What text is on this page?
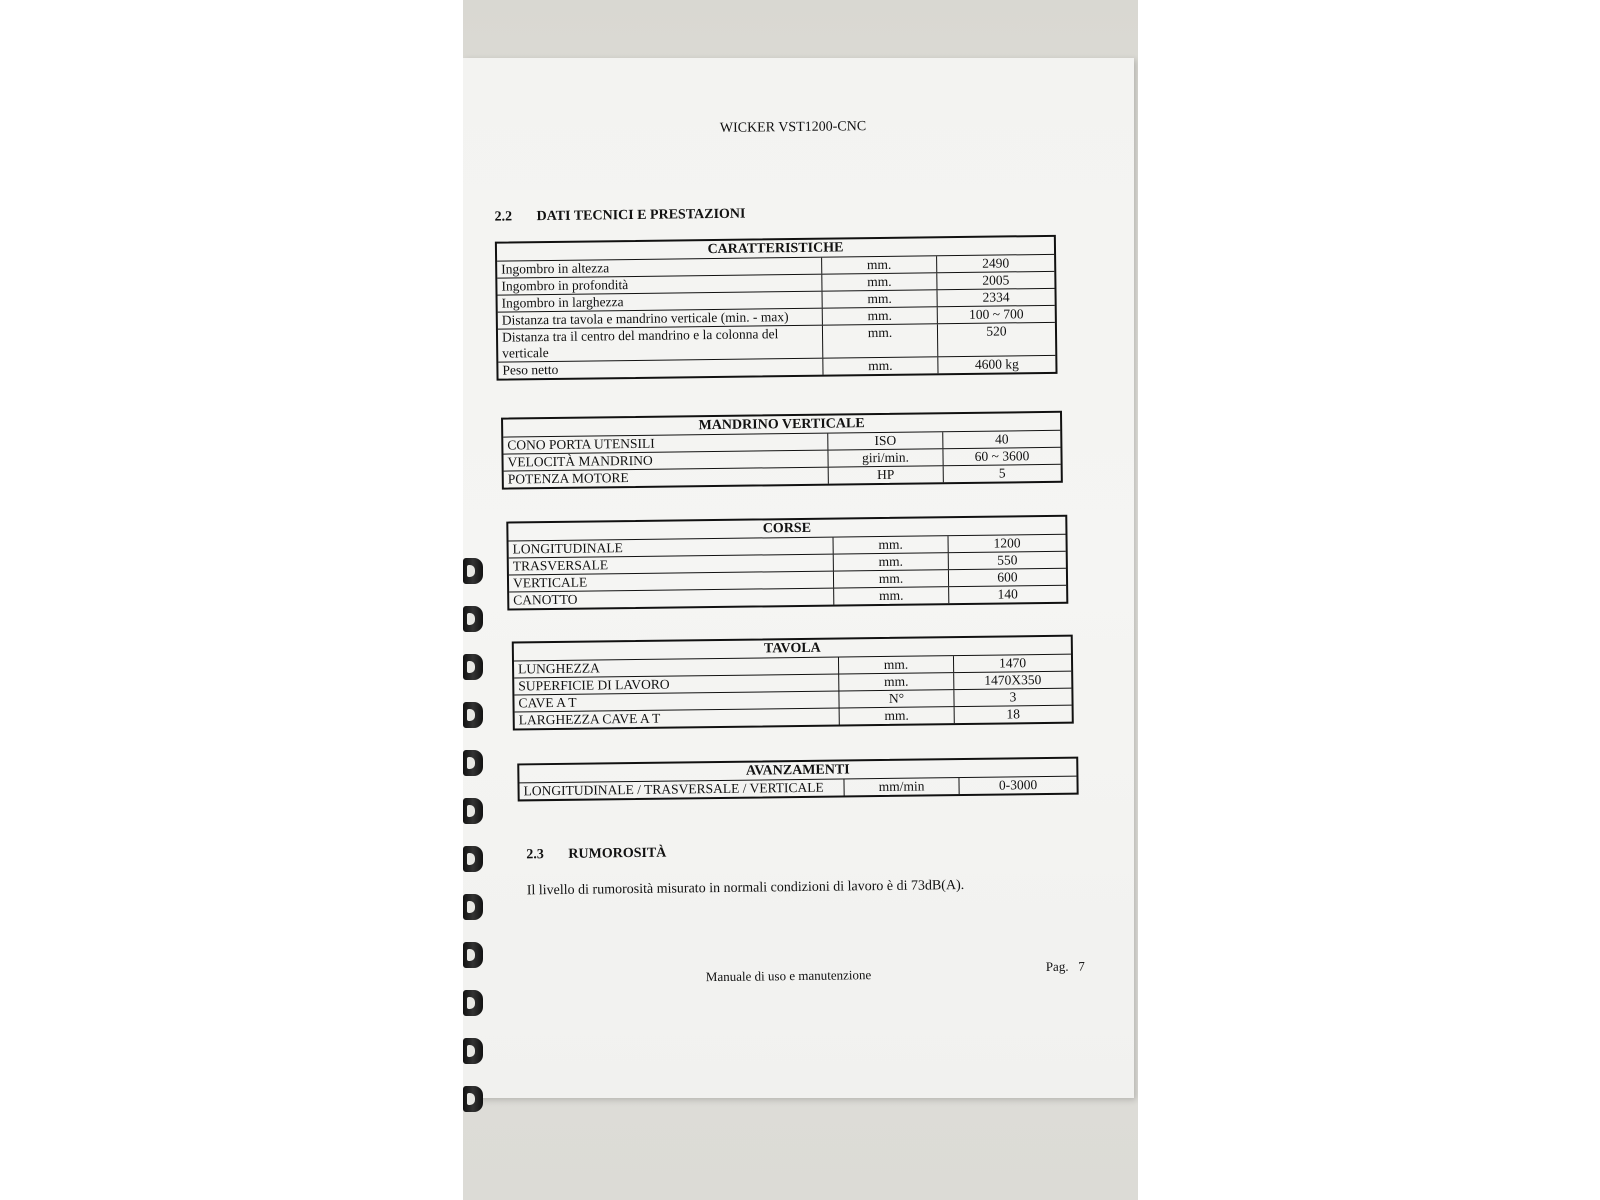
WICKER VST1200-CNC
2.2 DATI TECNICI E PRESTAZIONI
CARATTERISTICHE
Ingombro in altezza	mm.	2490
Ingombro in profondità	mm.	2005
Ingombro in larghezza	mm.	2334
Distanza tra tavola e mandrino verticale (min. - max)	mm.	100 ~ 700
Distanza tra il centro del mandrino e la colonna del verticale
mm.	520
Peso netto	mm.	4600 kg
MANDRINO VERTICALE
CONO PORTA UTENSILI	ISO	40
VELOCITÀ MANDRINO	giri/min.	60 ~ 3600
POTENZA MOTORE	HP	5
CORSE
LONGITUDINALE	mm.	1200
TRASVERSALE	mm.	550
VERTICALE	mm.	600
CANOTTO	mm.	140
TAVOLA
LUNGHEZZA	mm.	1470
SUPERFICIE DI LAVORO	mm.	1470X350
CAVE A T	N°	3
LARGHEZZA CAVE A T	mm.	18
AVANZAMENTI
LONGITUDINALE / TRASVERSALE / VERTICALE	mm/min	0-3000
2.3 RUMOROSITÀ
Il livello di rumorosità misurato in normali condizioni di lavoro è di 73dB(A).
Manuale di uso e manutenzione
Pag. 7
